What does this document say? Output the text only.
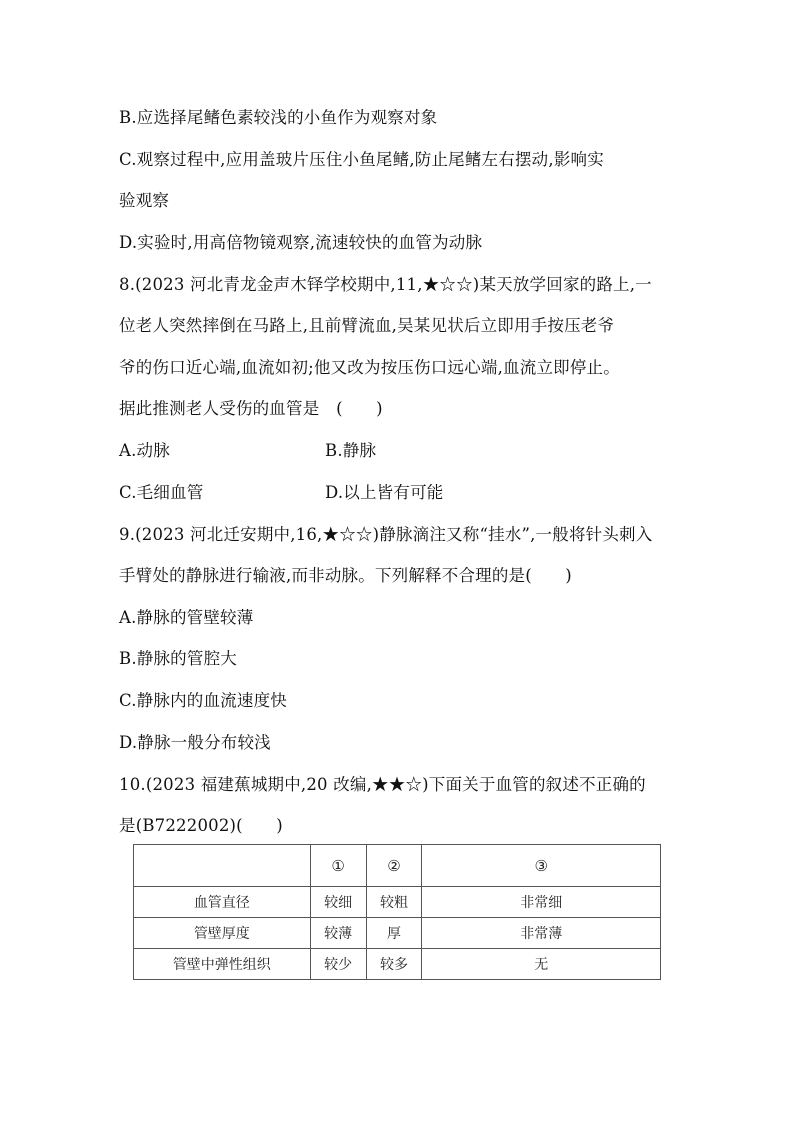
B.应选择尾鳍色素较浅的小鱼作为观察对象
C.观察过程中,应用盖玻片压住小鱼尾鳍,防止尾鳍左右摆动,影响实
验观察
D.实验时,用高倍物镜观察,流速较快的血管为动脉
8.(2023 河北青龙金声木铎学校期中,11,★☆☆)某天放学回家的路上,一
位老人突然摔倒在马路上,且前臂流血,吴某见状后立即用手按压老爷
爷的伤口近心端,血流如初;他又改为按压伤口远心端,血流立即停止。
据此推测老人受伤的血管是　(　　)
A.动脉	B.静脉
C.毛细血管	D.以上皆有可能
9.(2023 河北迁安期中,16,★☆☆)静脉滴注又称“挂水”,一般将针头刺入
手臂处的静脉进行输液,而非动脉。下列解释不合理的是(　　)
A.静脉的管壁较薄
B.静脉的管腔大
C.静脉内的血流速度快
D.静脉一般分布较浅
10.(2023 福建蕉城期中,20 改编,★★☆)下面关于血管的叙述不正确的
是(B7222002)(　　)
	①	②	③
血管直径	较细	较粗	非常细
管壁厚度	较薄	厚	非常薄
管壁中弹性组织	较少	较多	无
